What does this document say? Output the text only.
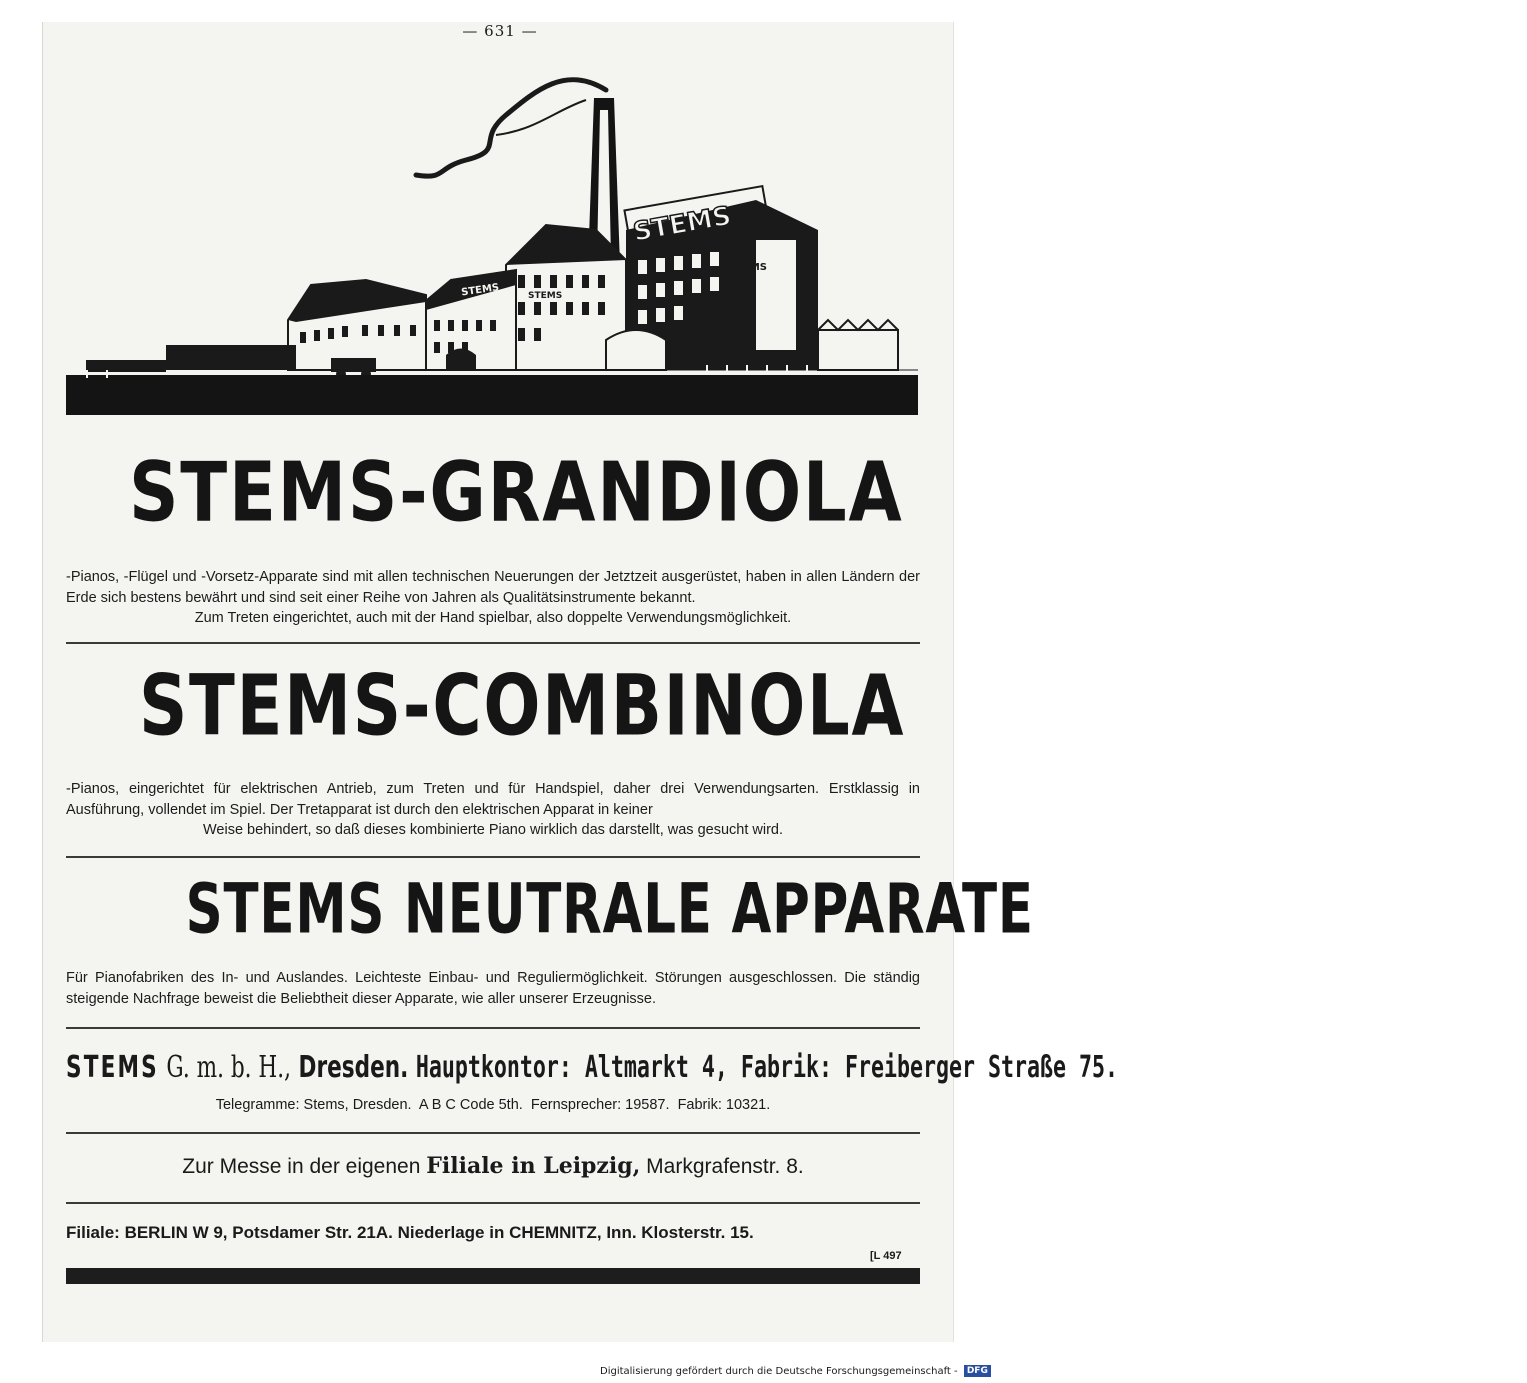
— 631 —
STEMS
STEMS
STEMS
STEMS
STEMS-GRANDIOLA
-Pianos, -Flügel und -Vorsetz-Apparate sind mit allen technischen Neuerungen der Jetztzeit ausgerüstet, haben in allen Ländern der Erde sich bestens bewährt und sind seit einer Reihe von Jahren als Qualitätsinstrumente bekannt.
Zum Treten eingerichtet, auch mit der Hand spielbar, also doppelte Verwendungsmöglichkeit.
STEMS-COMBINOLA
-Pianos, eingerichtet für elektrischen Antrieb, zum Treten und für Handspiel, daher drei Verwendungsarten. Erstklassig in Ausführung, vollendet im Spiel. Der Tretapparat ist durch den elektrischen Apparat in keiner
Weise behindert, so daß dieses kombinierte Piano wirklich das darstellt, was gesucht wird.
STEMS NEUTRALE APPARATE
Für Pianofabriken des In- und Auslandes. Leichteste Einbau- und Reguliermöglichkeit. Störungen ausgeschlossen. Die ständig steigende Nachfrage beweist die Beliebtheit dieser Apparate, wie aller unserer Erzeugnisse.
STEMS G. m. b. H., Dresden. Hauptkontor: Altmarkt 4, Fabrik: Freiberger Straße 75.
Telegramme: Stems, Dresden. A B C Code 5th. Fernsprecher: 19587. Fabrik: 10321.
Zur Messe in der eigenen Filiale in Leipzig, Markgrafenstr. 8.
Filiale: BERLIN W 9, Potsdamer Str. 21A. Niederlage in CHEMNITZ, Inn. Klosterstr. 15.
[L 497
Digitalisierung gefördert durch die Deutsche Forschungsgemeinschaft - DFG
